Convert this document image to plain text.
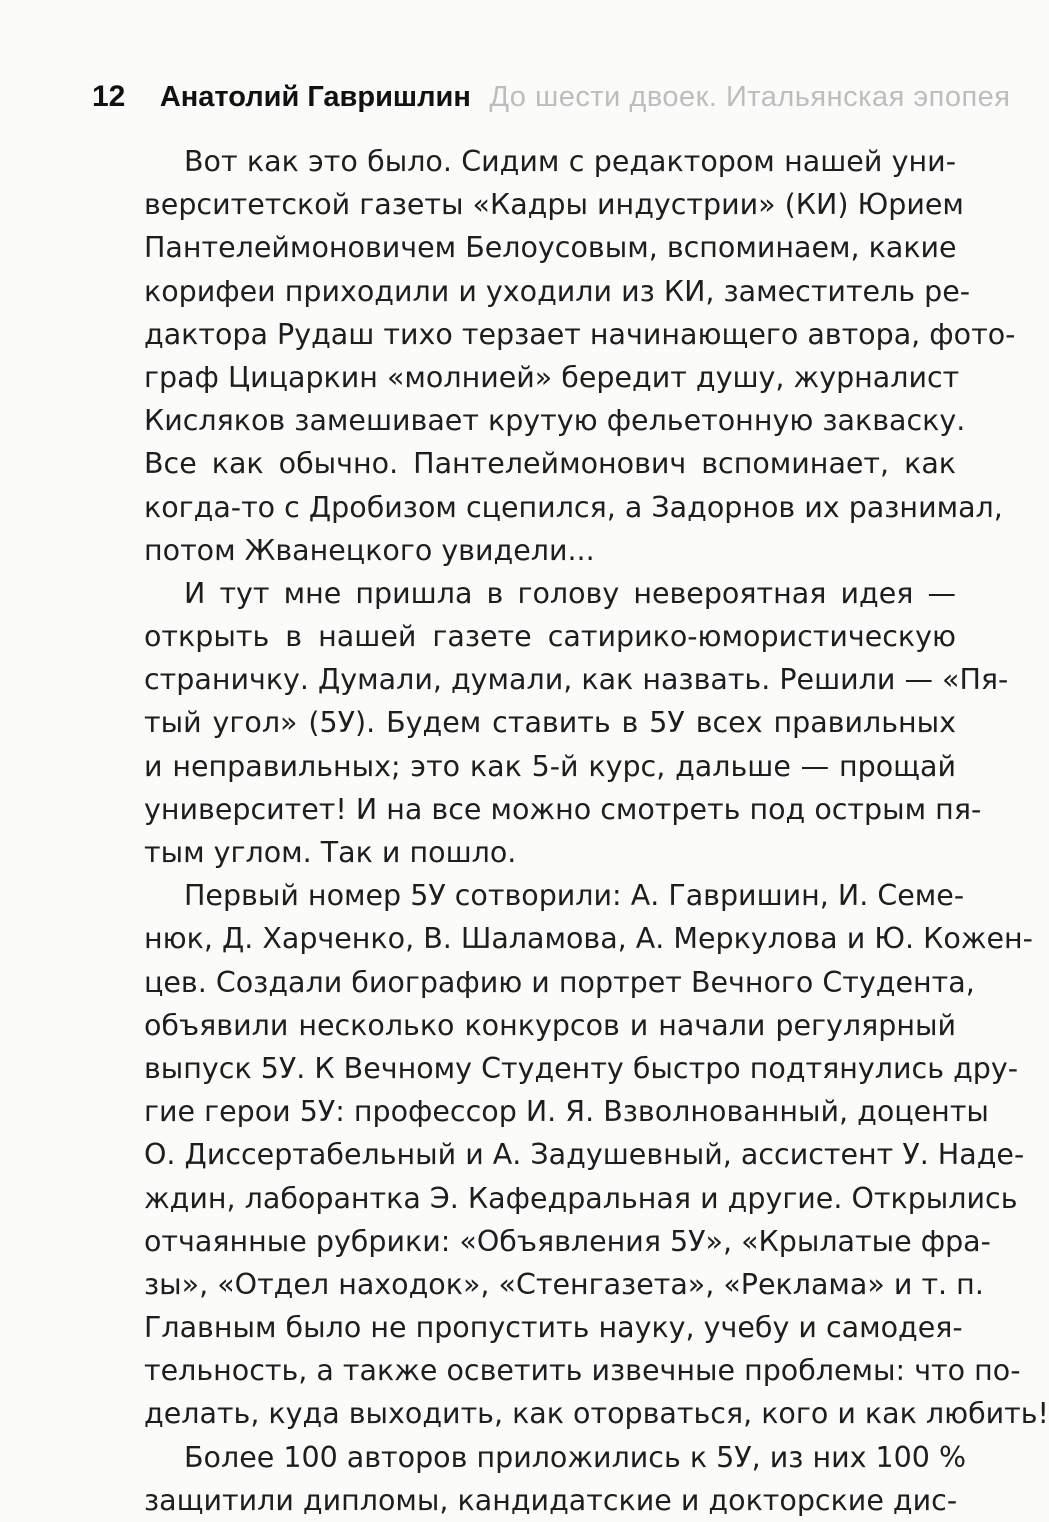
12 Анатолий Гавришлин До шести двоек. Итальянская эпопея
Вот как это было. Сидим с редактором нашей уни-
верситетской газеты «Кадры индустрии» (КИ) Юрием
Пантелеймоновичем Белоусовым, вспоминаем, какие
корифеи приходили и уходили из КИ, заместитель ре-
дактора Рудаш тихо терзает начинающего автора, фото-
граф Цицаркин «молнией» бередит душу, журналист
Кисляков замешивает крутую фельетонную закваску.
Все как обычно. Пантелеймонович вспоминает, как
когда-то с Дробизом сцепился, а Задорнов их разнимал,
потом Жванецкого увидели...
И тут мне пришла в голову невероятная идея —
открыть в нашей газете сатирико-юмористическую
страничку. Думали, думали, как назвать. Решили — «Пя-
тый угол» (5У). Будем ставить в 5У всех правильных
и неправильных; это как 5-й курс, дальше — прощай
университет! И на все можно смотреть под острым пя-
тым углом. Так и пошло.
Первый номер 5У сотворили: А. Гавришин, И. Семе-
нюк, Д. Харченко, В. Шаламова, А. Меркулова и Ю. Кожен-
цев. Создали биографию и портрет Вечного Студента,
объявили несколько конкурсов и начали регулярный
выпуск 5У. К Вечному Студенту быстро подтянулись дру-
гие герои 5У: профессор И. Я. Взволнованный, доценты
О. Диссертабельный и А. Задушевный, ассистент У. Наде-
ждин, лаборантка Э. Кафедральная и другие. Открылись
отчаянные рубрики: «Объявления 5У», «Крылатые фра-
зы», «Отдел находок», «Стенгазета», «Реклама» и т. п.
Главным было не пропустить науку, учебу и самодея-
тельность, а также осветить извечные проблемы: что по-
делать, куда выходить, как оторваться, кого и как любить!
Более 100 авторов приложились к 5У, из них 100 %
защитили дипломы, кандидатские и докторские дис-
